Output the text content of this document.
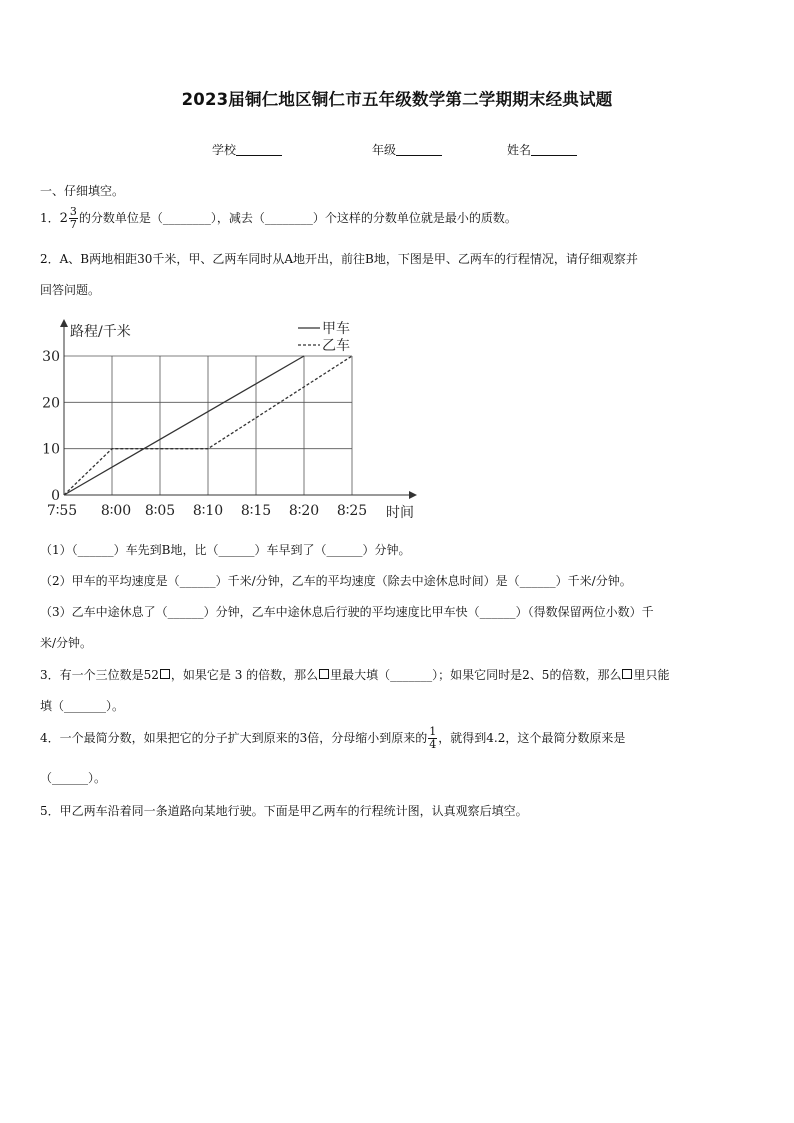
2023届铜仁地区铜仁市五年级数学第二学期期末经典试题
学校	年级	姓名
一、仔细填空。
1．$2 \frac{3}{7}$ 的分数单位是（________），减去（________）个这样的分数单位就是最小的质数。
2．A、B两地相距30千米，甲、乙两车同时从A地开出，前往B地，下图是甲、乙两车的行程情况，请仔细观察并
回答问题。
0
10
20
30
7∶55 8∶00 8∶05 8∶10 8∶15 8∶20 8∶25
路程/千米
时间
甲车
乙车
（1）（______）车先到B地，比（______）车早到了（______）分钟。
（2）甲车的平均速度是（______）千米/分钟，乙车的平均速度（除去中途休息时间）是（______）千米/分钟。
（3）乙车中途休息了（______）分钟，乙车中途休息后行驶的平均速度比甲车快（______）（得数保留两位小数）千
米/分钟。
3．有一个三位数是52 ，如果它是 3 的倍数，那么 里最大填（_______）；如果它同时是2、5的倍数，那么 里只能
填（_______）。
4．一个最简分数，如果把它的分子扩大到原来的3倍，分母缩小到原来的 $\frac{1}{4}$ ，就得到4.2，这个最简分数原来是
（______）。
5．甲乙两车沿着同一条道路向某地行驶。下面是甲乙两车的行程统计图，认真观察后填空。
